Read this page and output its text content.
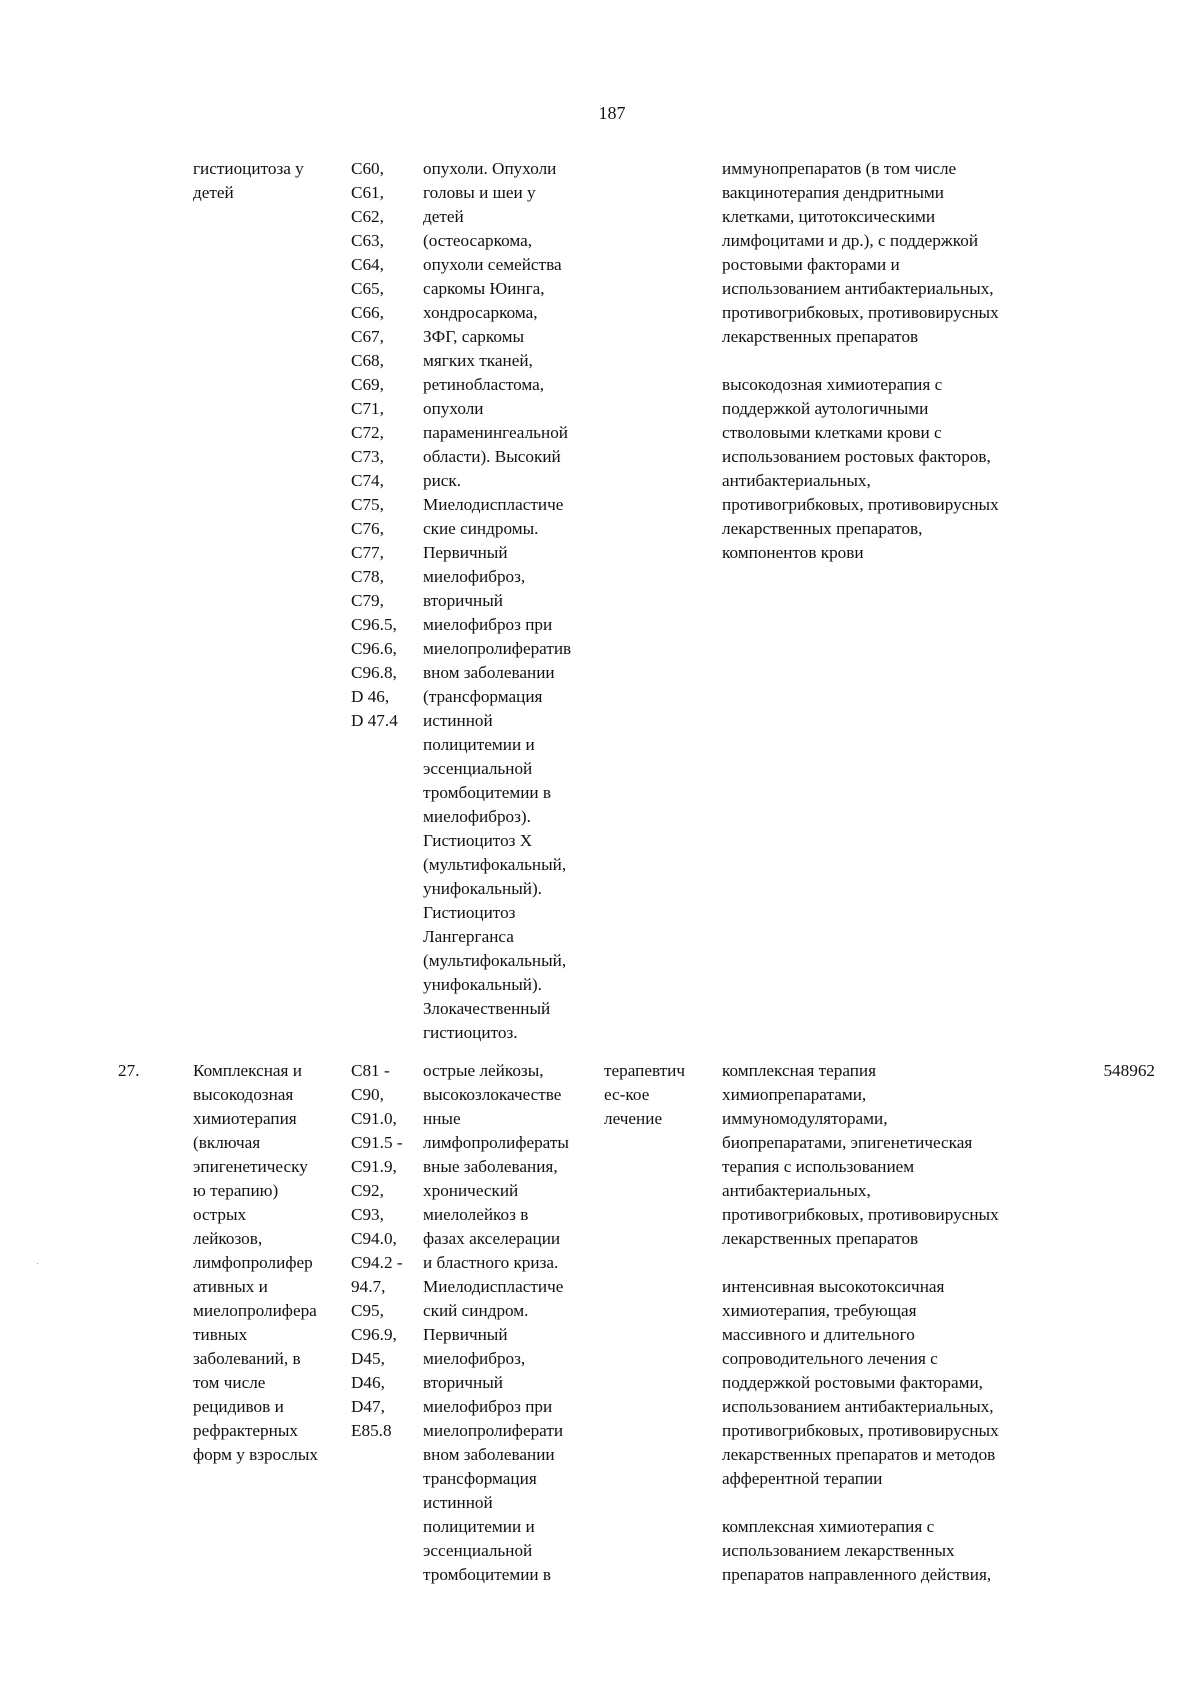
187
гистиоцитоза у
детей
C60,
C61,
C62,
C63,
C64,
C65,
C66,
C67,
C68,
C69,
C71,
C72,
C73,
C74,
C75,
C76,
C77,
C78,
C79,
C96.5,
C96.6,
C96.8,
D 46,
D 47.4
опухоли. Опухоли
головы и шеи у
детей
(остеосаркома,
опухоли семейства
саркомы Юинга,
хондросаркома,
ЗФГ, саркомы
мягких тканей,
ретинобластома,
опухоли
параменингеальной
области). Высокий
риск.
Миелодиспластиче
ские синдромы.
Первичный
миелофиброз,
вторичный
миелофиброз при
миелопролифератив
вном заболевании
(трансформация
истинной
полицитемии и
эссенциальной
тромбоцитемии в
миелофиброз).
Гистиоцитоз Х
(мультифокальный,
унифокальный).
Гистиоцитоз
Лангерганса
(мультифокальный,
унифокальный).
Злокачественный
гистиоцитоз.
иммунопрепаратов (в том числе
вакцинотерапия дендритными
клетками, цитотоксическими
лимфоцитами и др.), с поддержкой
ростовыми факторами и
использованием антибактериальных,
противогрибковых, противовирусных
лекарственных препаратов

высокодозная химиотерапия с
поддержкой аутологичными
стволовыми клетками крови с
использованием ростовых факторов,
антибактериальных,
противогрибковых, противовирусных
лекарственных препаратов,
компонентов крови
27.	Комплексная и
высокодозная
химиотерапия
(включая
эпигенетическу
ю терапию)
острых
лейкозов,
лимфопролифер
ативных и
миелопролифера
тивных
заболеваний, в
том числе
рецидивов и
рефрактерных
форм у взрослых
C81 -
C90,
C91.0,
C91.5 -
C91.9,
C92,
C93,
C94.0,
C94.2 -
94.7,
C95,
C96.9,
D45,
D46,
D47,
E85.8
острые лейкозы,
высокозлокачестве
нные
лимфопролифераты
вные заболевания,
хронический
миелолейкоз в
фазах акселерации
и бластного криза.
Миелодиспластиче
ский синдром.
Первичный
миелофиброз,
вторичный
миелофиброз при
миелопролиферати
вном заболевании
трансформация
истинной
полицитемии и
эссенциальной
тромбоцитемии в
терапевтич
ес-кое
лечение
комплексная терапия
химиопрепаратами,
иммуномодуляторами,
биопрепаратами, эпигенетическая
терапия с использованием
антибактериальных,
противогрибковых, противовирусных
лекарственных препаратов

интенсивная высокотоксичная
химиотерапия, требующая
массивного и длительного
сопроводительного лечения с
поддержкой ростовыми факторами,
использованием антибактериальных,
противогрибковых, противовирусных
лекарственных препаратов и методов
афферентной терапии

комплексная химиотерапия с
использованием лекарственных
препаратов направленного действия,
548962
